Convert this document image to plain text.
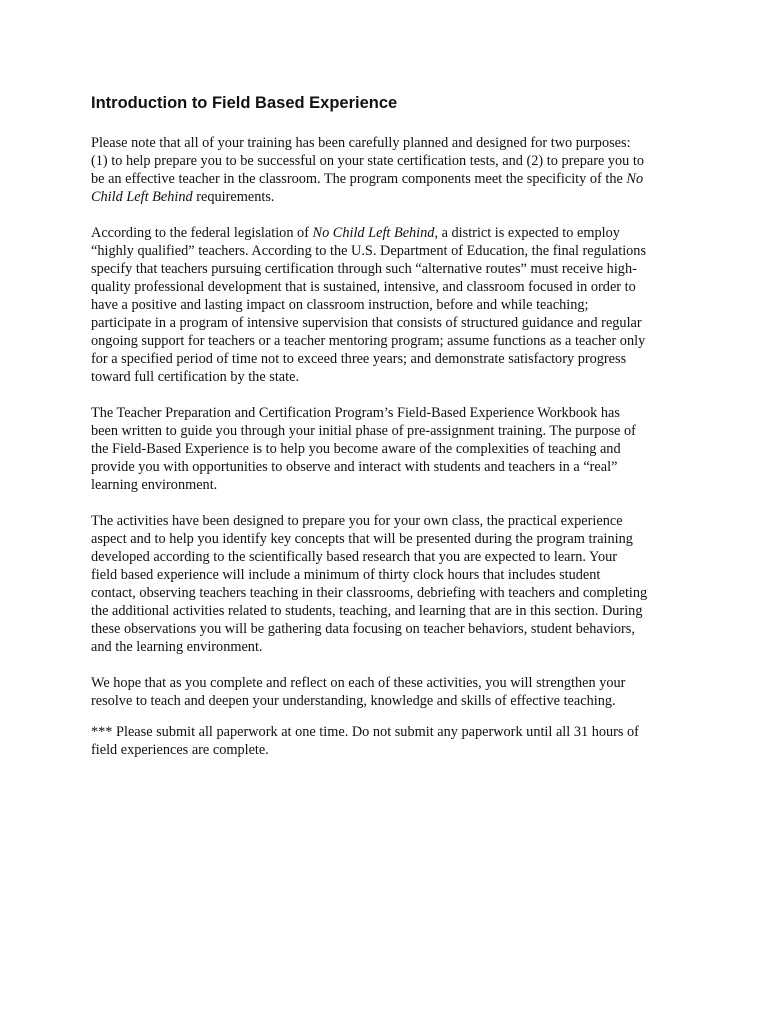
Introduction to Field Based Experience

Please note that all of your training has been carefully planned and designed for two purposes:
(1) to help prepare you to be successful on your state certification tests, and (2) to prepare you to
be an effective teacher in the classroom. The program components meet the specificity of the No
Child Left Behind requirements.

According to the federal legislation of No Child Left Behind, a district is expected to employ
“highly qualified” teachers. According to the U.S. Department of Education, the final regulations
specify that teachers pursuing certification through such “alternative routes” must receive high-
quality professional development that is sustained, intensive, and classroom focused in order to
have a positive and lasting impact on classroom instruction, before and while teaching;
participate in a program of intensive supervision that consists of structured guidance and regular
ongoing support for teachers or a teacher mentoring program; assume functions as a teacher only
for a specified period of time not to exceed three years; and demonstrate satisfactory progress
toward full certification by the state.

The Teacher Preparation and Certification Program’s Field-Based Experience Workbook has
been written to guide you through your initial phase of pre-assignment training. The purpose of
the Field-Based Experience is to help you become aware of the complexities of teaching and
provide you with opportunities to observe and interact with students and teachers in a “real”
learning environment.

The activities have been designed to prepare you for your own class, the practical experience
aspect and to help you identify key concepts that will be presented during the program training
developed according to the scientifically based research that you are expected to learn. Your
field based experience will include a minimum of thirty clock hours that includes student
contact, observing teachers teaching in their classrooms, debriefing with teachers and completing
the additional activities related to students, teaching, and learning that are in this section. During
these observations you will be gathering data focusing on teacher behaviors, student behaviors,
and the learning environment.

We hope that as you complete and reflect on each of these activities, you will strengthen your
resolve to teach and deepen your understanding, knowledge and skills of effective teaching.

*** Please submit all paperwork at one time. Do not submit any paperwork until all 31 hours of
field experiences are complete.
